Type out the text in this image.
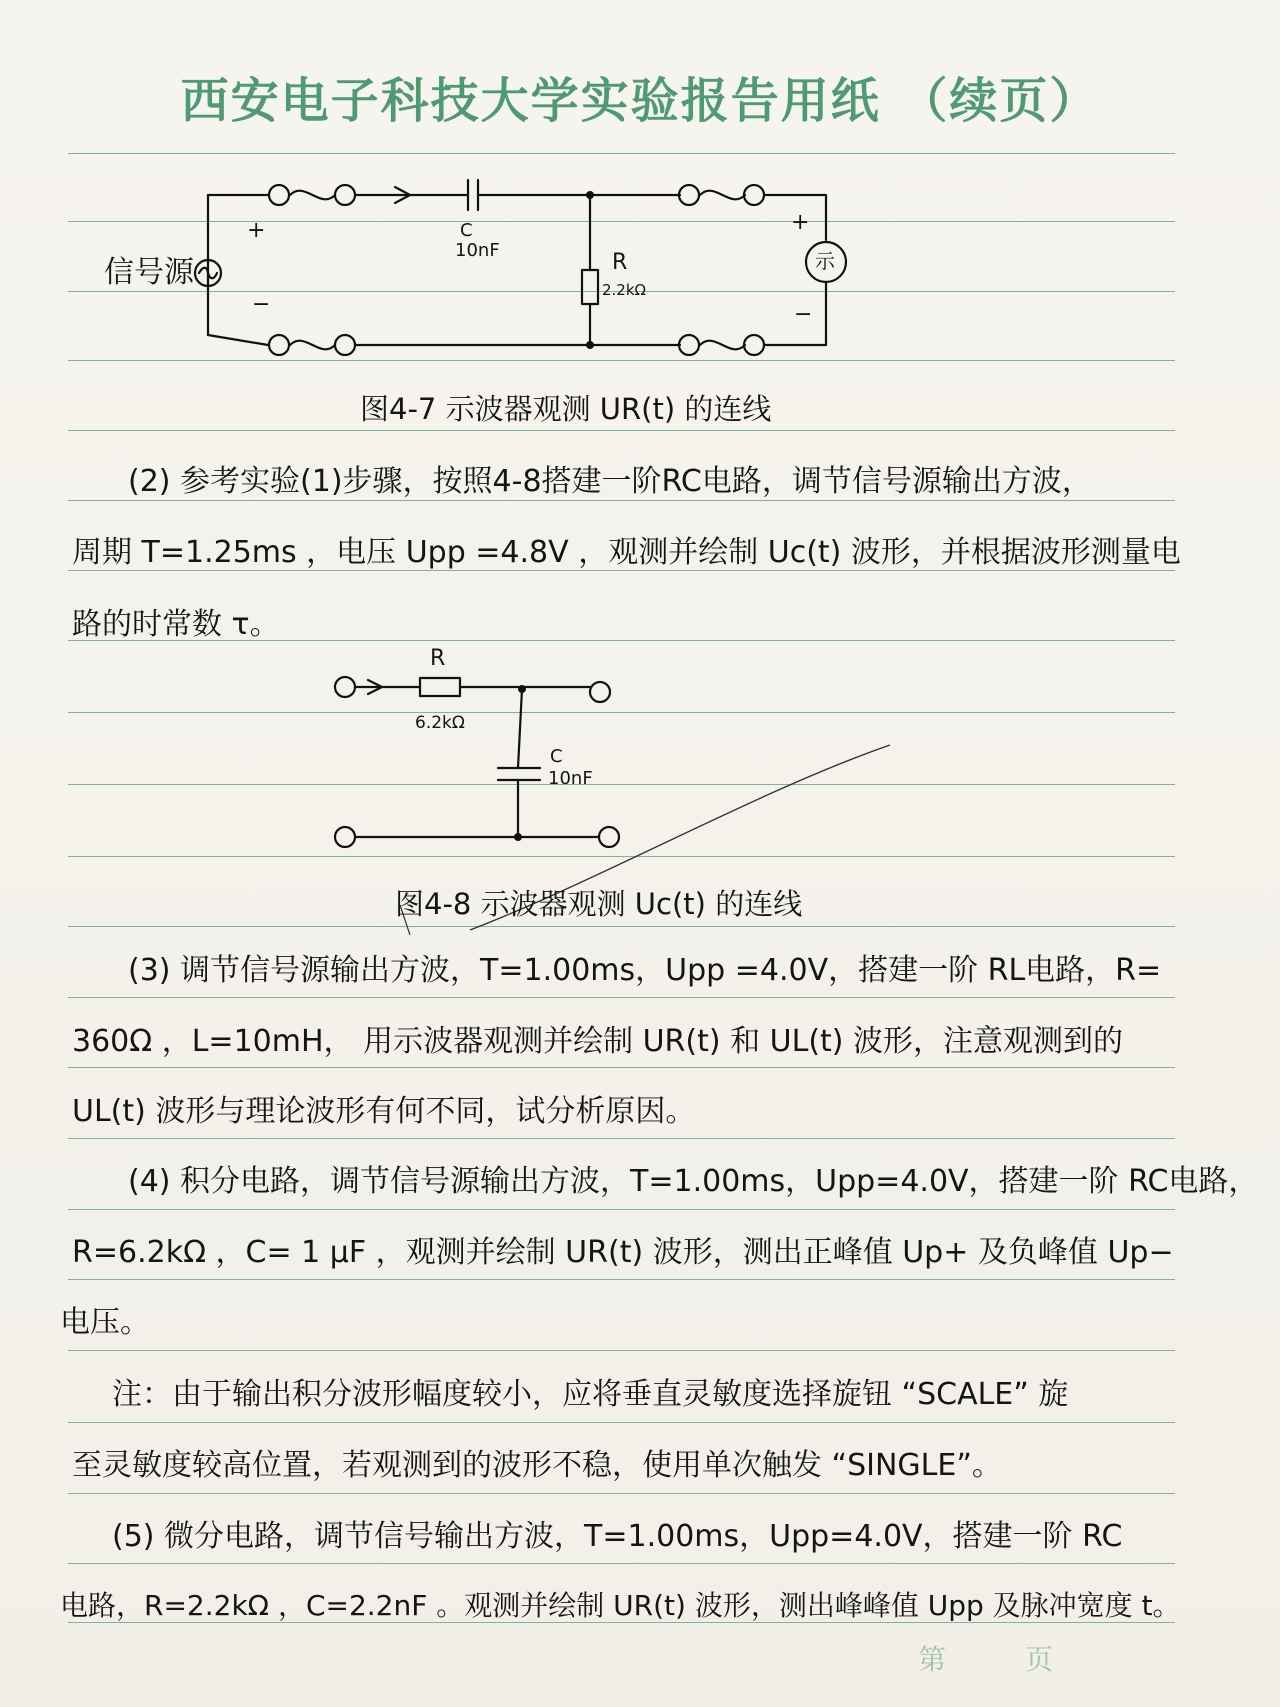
西安电子科技大学实验报告用纸 （续页）
信号源
+
−
C
10nF	R
2.2kΩ
示
+
−
图4-7 示波器观测 UR(t) 的连线
(2) 参考实验(1)步骤，按照4-8搭建一阶RC电路，调节信号源输出方波，
周期 T=1.25ms ，电压 Upp =4.8V ，观测并绘制 Uc(t) 波形，并根据波形测量电
路的时常数 τ。
R
6.2kΩ
C
10nF
图4-8 示波器观测 Uc(t) 的连线
(3) 调节信号源输出方波，T=1.00ms，Upp =4.0V，搭建一阶 RL电路，R=
360Ω ，L=10mH， 用示波器观测并绘制 UR(t) 和 UL(t) 波形，注意观测到的
UL(t) 波形与理论波形有何不同，试分析原因。
(4) 积分电路，调节信号源输出方波，T=1.00ms，Upp=4.0V，搭建一阶 RC电路，
R=6.2kΩ ，C= 1 μF ，观测并绘制 UR(t) 波形，测出正峰值 Up+ 及负峰值 Up−
电压。
注：由于输出积分波形幅度较小，应将垂直灵敏度选择旋钮 “SCALE” 旋
至灵敏度较高位置，若观测到的波形不稳，使用单次触发 “SINGLE”。
(5) 微分电路，调节信号输出方波，T=1.00ms，Upp=4.0V，搭建一阶 RC
电路，R=2.2kΩ ，C=2.2nF 。观测并绘制 UR(t) 波形，测出峰峰值 Upp 及脉冲宽度 t。
第	页
